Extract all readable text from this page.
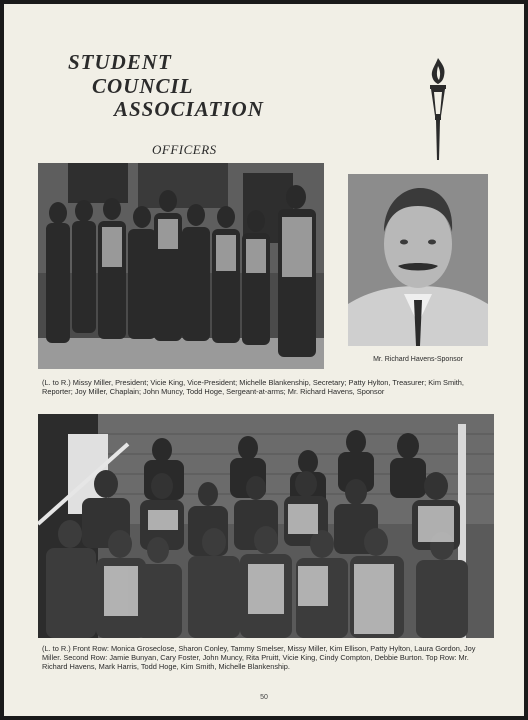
STUDENT
COUNCIL
ASSOCIATION
OFFICERS
Mr. Richard Havens-Sponsor

(L. to R.) Missy Miller, President; Vicie King, Vice-President; Michelle Blankenship, Secretary; Patty Hylton, Treasurer; Kim Smith, Reporter; Joy Miller, Chaplain; John Muncy, Todd Hoge, Sergeant-at-arms; Mr. Richard Havens, Sponsor

(L. to R.) Front Row: Monica Groseclose, Sharon Conley, Tammy Smelser, Missy Miller, Kim Ellison, Patty Hylton, Laura Gordon, Joy Miller. Second Row: Jamie Bunyan, Cary Foster, John Muncy, Rita Pruitt, Vicie King, Cindy Compton, Debbie Burton. Top Row: Mr. Richard Havens, Mark Harris, Todd Hoge, Kim Smith, Michelle Blankenship.

50
